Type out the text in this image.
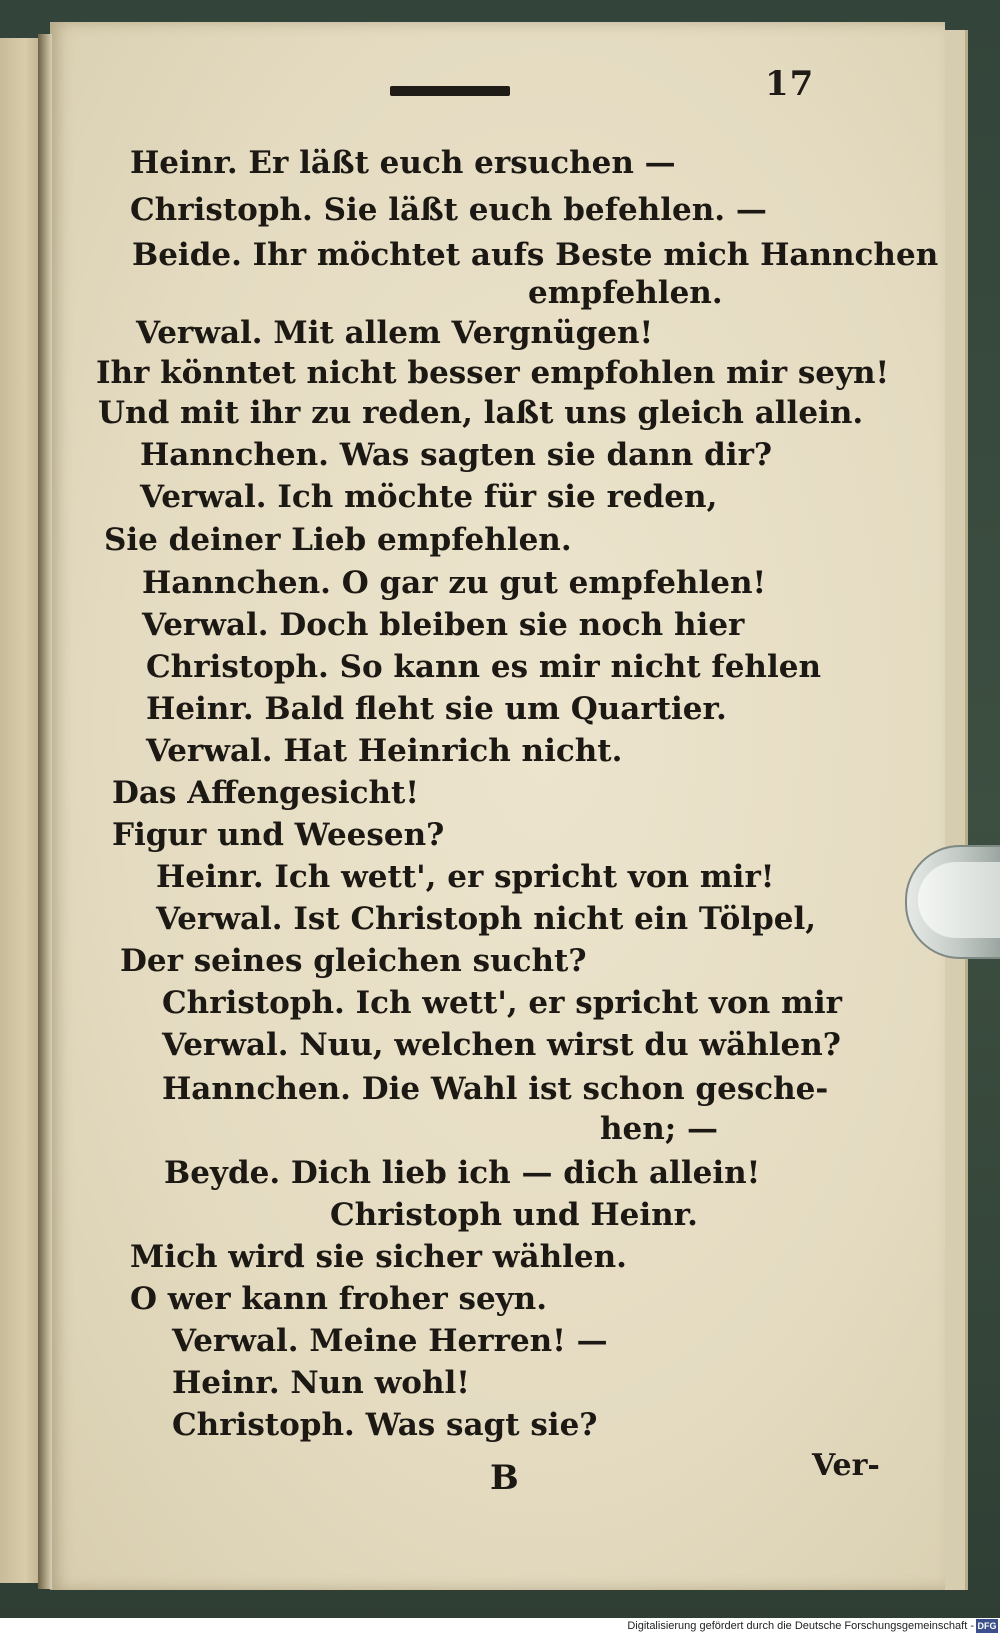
17
Heinr. Er läßt euch ersuchen —
Christoph. Sie läßt euch befehlen. —
Beide. Ihr möchtet aufs Beste mich Hannchen
empfehlen.
Verwal. Mit allem Vergnügen!
Ihr könntet nicht besser empfohlen mir seyn!
Und mit ihr zu reden, laßt uns gleich allein.
Hannchen. Was sagten sie dann dir?
Verwal. Ich möchte für sie reden,
Sie deiner Lieb empfehlen.
Hannchen. O gar zu gut empfehlen!
Verwal. Doch bleiben sie noch hier
Christoph. So kann es mir nicht fehlen
Heinr. Bald fleht sie um Quartier.
Verwal. Hat Heinrich nicht.
Das Affengesicht!
Figur und Weesen?
Heinr. Ich wett', er spricht von mir!
Verwal. Ist Christoph nicht ein Tölpel,
Der seines gleichen sucht?
Christoph. Ich wett', er spricht von mir
Verwal. Nuu, welchen wirst du wählen?
Hannchen. Die Wahl ist schon gesche-
hen; —
Beyde. Dich lieb ich — dich allein!
Christoph und Heinr.
Mich wird sie sicher wählen.
O wer kann froher seyn.
Verwal. Meine Herren! —
Heinr. Nun wohl!
Christoph. Was sagt sie?
B	Ver-
Digitalisierung gefördert durch die Deutsche Forschungsgemeinschaft - DFG
